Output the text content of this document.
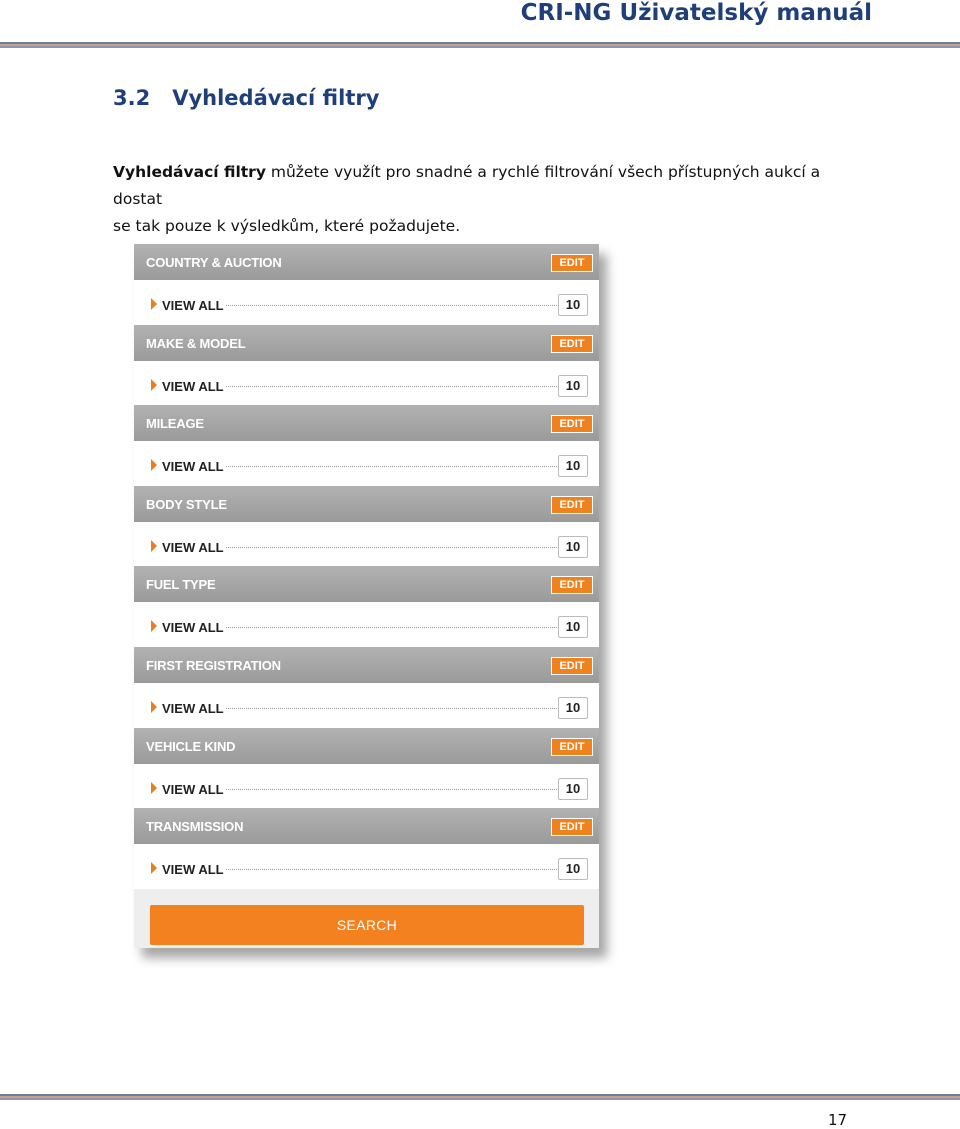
CRI-NG Uživatelský manuál
3.2 Vyhledávací filtry
Vyhledávací filtry můžete využít pro snadné a rychlé filtrování všech přístupných aukcí a dostat
se tak pouze k výsledkům, které požadujete.
COUNTRY & AUCTION	EDIT
VIEW ALL	10
MAKE & MODEL	EDIT
VIEW ALL	10
MILEAGE	EDIT
VIEW ALL	10
BODY STYLE	EDIT
VIEW ALL	10
FUEL TYPE	EDIT
VIEW ALL	10
FIRST REGISTRATION	EDIT
VIEW ALL	10
VEHICLE KIND	EDIT
VIEW ALL	10
TRANSMISSION	EDIT
VIEW ALL	10
SEARCH
17
